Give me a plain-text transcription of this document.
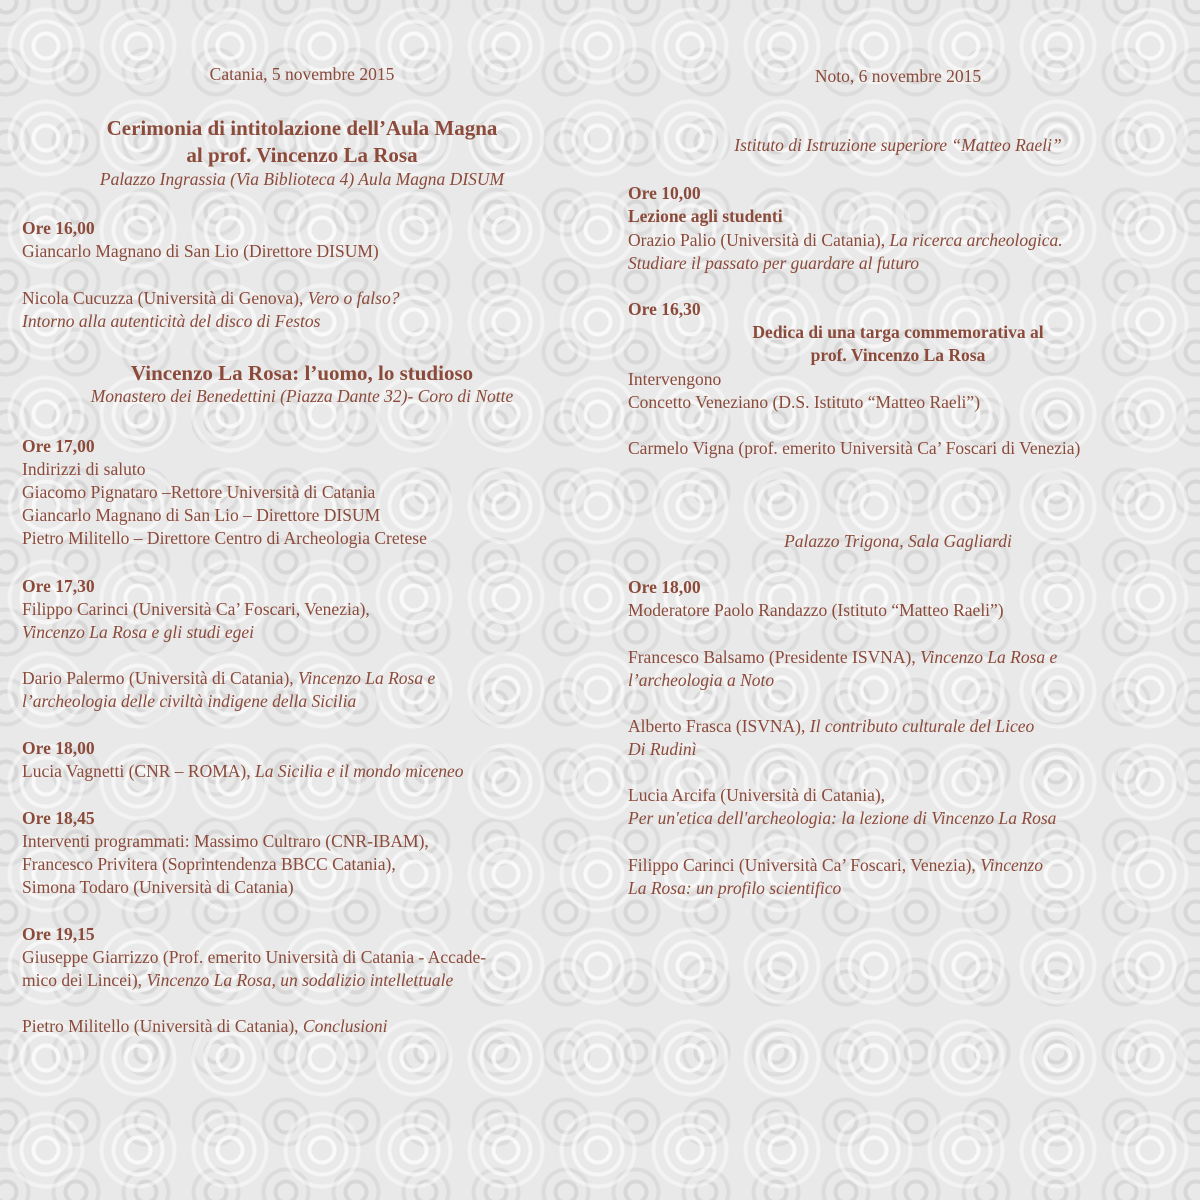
Catania, 5 novembre 2015
Cerimonia di intitolazione dell’Aula Magna
al prof. Vincenzo La Rosa
Palazzo Ingrassia (Via Biblioteca 4) Aula Magna DISUM
Ore 16,00
Giancarlo Magnano di San Lio (Direttore DISUM)
Nicola Cucuzza (Università di Genova), Vero o falso?
Intorno alla autenticità del disco di Festos
Vincenzo La Rosa: l’uomo, lo studioso
Monastero dei Benedettini (Piazza Dante 32)- Coro di Notte
Ore 17,00
Indirizzi di saluto
Giacomo Pignataro –Rettore Università di Catania
Giancarlo Magnano di San Lio – Direttore DISUM
Pietro Militello – Direttore Centro di Archeologia Cretese
Ore 17,30
Filippo Carinci (Università Ca’ Foscari, Venezia),
Vincenzo La Rosa e gli studi egei
Dario Palermo (Università di Catania), Vincenzo La Rosa e
l’archeologia delle civiltà indigene della Sicilia
Ore 18,00
Lucia Vagnetti (CNR – ROMA), La Sicilia e il mondo miceneo
Ore 18,45
Interventi programmati: Massimo Cultraro (CNR-IBAM),
Francesco Privitera (Soprintendenza BBCC Catania),
Simona Todaro (Università di Catania)
Ore 19,15
Giuseppe Giarrizzo (Prof. emerito Università di Catania - Accade-
mico dei Lincei), Vincenzo La Rosa, un sodalizio intellettuale
Pietro Militello (Università di Catania), Conclusioni
Noto, 6 novembre 2015
Istituto di Istruzione superiore “Matteo Raeli”
Ore 10,00
Lezione agli studenti
Orazio Palio (Università di Catania), La ricerca archeologica.
Studiare il passato per guardare al futuro
Ore 16,30
Dedica di una targa commemorativa al
prof. Vincenzo La Rosa
Intervengono
Concetto Veneziano (D.S. Istituto “Matteo Raeli”)
Carmelo Vigna (prof. emerito Università Ca’ Foscari di Venezia)
Palazzo Trigona, Sala Gagliardi
Ore 18,00
Moderatore Paolo Randazzo (Istituto “Matteo Raeli”)
Francesco Balsamo (Presidente ISVNA), Vincenzo La Rosa e
l’archeologia a Noto
Alberto Frasca (ISVNA), Il contributo culturale del Liceo
Di Rudinì
Lucia Arcifa (Università di Catania),
Per un'etica dell'archeologia: la lezione di Vincenzo La Rosa
Filippo Carinci (Università Ca’ Foscari, Venezia), Vincenzo
La Rosa: un profilo scientifico
